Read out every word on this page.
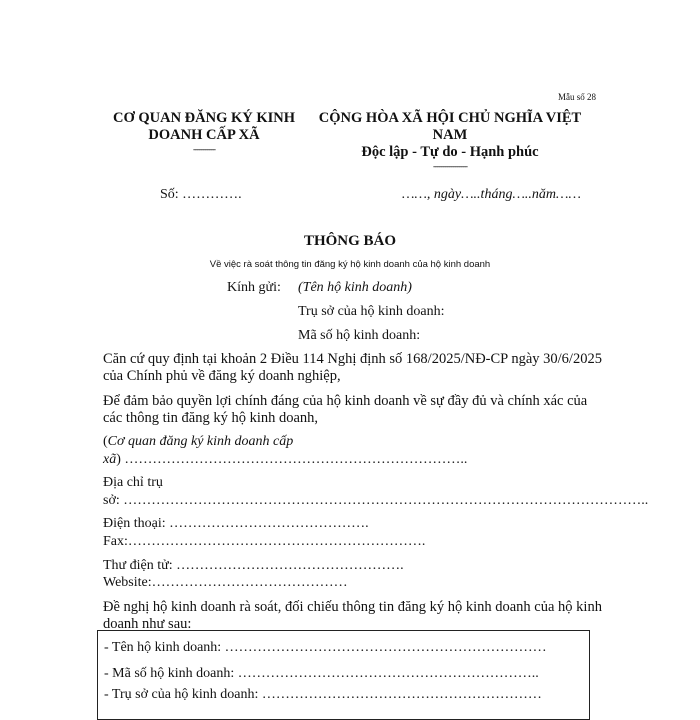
Mẫu số 28
CƠ QUAN ĐĂNG KÝ KINH DOANH CẤP XÃ
-----------
CỘNG HÒA XÃ HỘI CHỦ NGHĨA VIỆT NAM
Độc lập - Tự do - Hạnh phúc
-----------------
Số: ………….	……, ngày…..tháng…..năm……
THÔNG BÁO
Về việc rà soát thông tin đăng ký hộ kinh doanh của hộ kinh doanh
Kính gửi: (Tên hộ kinh doanh)
Trụ sở của hộ kinh doanh:
Mã số hộ kinh doanh:
Căn cứ quy định tại khoản 2 Điều 114 Nghị định số 168/2025/NĐ-CP ngày 30/6/2025 của Chính phủ về đăng ký doanh nghiệp,
Để đảm bảo quyền lợi chính đáng của hộ kinh doanh về sự đầy đủ và chính xác của các thông tin đăng ký hộ kinh doanh,
(Cơ quan đăng ký kinh doanh cấp
xã) ………………………………………………………………..
Địa chỉ trụ
sở: …………………………………………………………………………………………………..
Điện thoại: …………………………………….
Fax:……………………………………………………….
Thư điện tử: ………………………………………….
Website:……………………………………
Đề nghị hộ kinh doanh rà soát, đối chiếu thông tin đăng ký hộ kinh doanh của hộ kinh doanh như sau:
- Tên hộ kinh doanh: ……………………………………………………………
- Mã số hộ kinh doanh: ………………………………………………………..
- Trụ sở của hộ kinh doanh: ……………………………………………………
